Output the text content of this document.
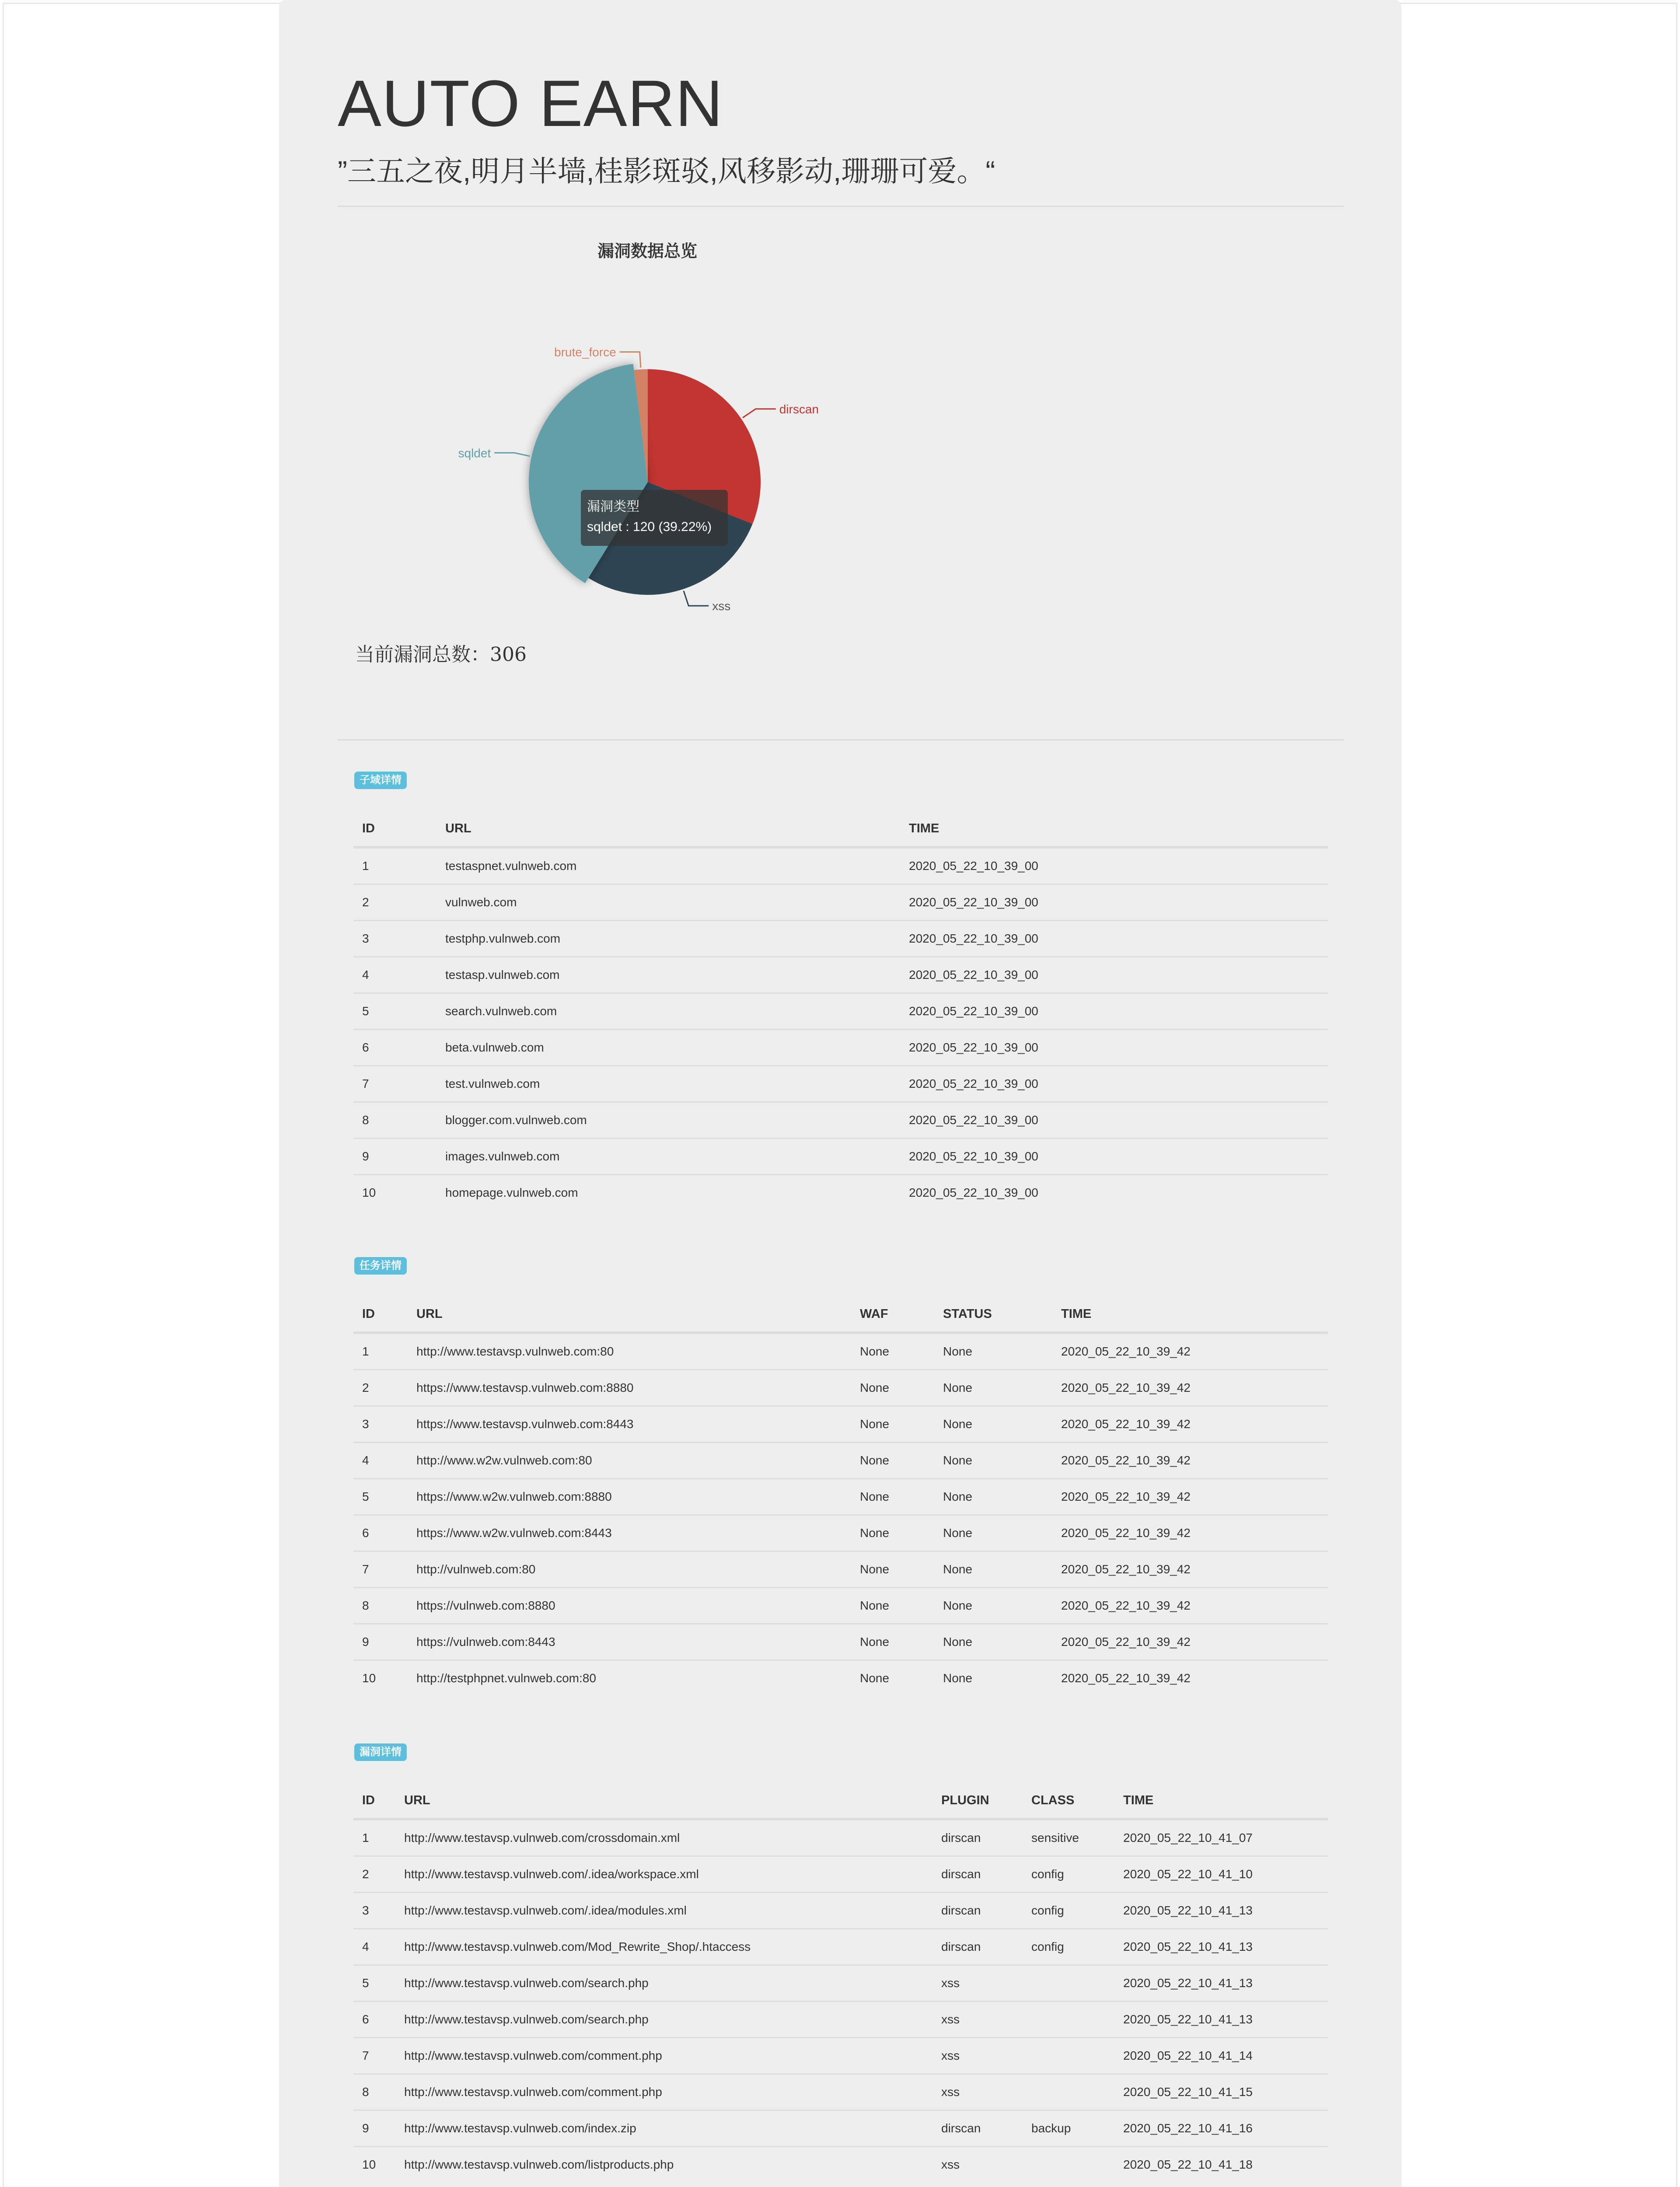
AUTO EARN
”三五之夜,明月半墙,桂影斑驳,风移影动,珊珊可爱。“
漏洞数据总览
dirscan
xss
sqldet
brute_force
漏洞类型
sqldet : 120 (39.22%)
当前漏洞总数：306
子域详情
ID	URL	TIME
1	testaspnet.vulnweb.com	2020_05_22_10_39_00
2	vulnweb.com	2020_05_22_10_39_00
3	testphp.vulnweb.com	2020_05_22_10_39_00
4	testasp.vulnweb.com	2020_05_22_10_39_00
5	search.vulnweb.com	2020_05_22_10_39_00
6	beta.vulnweb.com	2020_05_22_10_39_00
7	test.vulnweb.com	2020_05_22_10_39_00
8	blogger.com.vulnweb.com	2020_05_22_10_39_00
9	images.vulnweb.com	2020_05_22_10_39_00
10	homepage.vulnweb.com	2020_05_22_10_39_00
任务详情
ID	URL	WAF	STATUS	TIME
1	http://www.testavsp.vulnweb.com:80	None	None	2020_05_22_10_39_42
2	https://www.testavsp.vulnweb.com:8880	None	None	2020_05_22_10_39_42
3	https://www.testavsp.vulnweb.com:8443	None	None	2020_05_22_10_39_42
4	http://www.w2w.vulnweb.com:80	None	None	2020_05_22_10_39_42
5	https://www.w2w.vulnweb.com:8880	None	None	2020_05_22_10_39_42
6	https://www.w2w.vulnweb.com:8443	None	None	2020_05_22_10_39_42
7	http://vulnweb.com:80	None	None	2020_05_22_10_39_42
8	https://vulnweb.com:8880	None	None	2020_05_22_10_39_42
9	https://vulnweb.com:8443	None	None	2020_05_22_10_39_42
10	http://testphpnet.vulnweb.com:80	None	None	2020_05_22_10_39_42
漏洞详情
ID	URL	PLUGIN	CLASS	TIME
1	http://www.testavsp.vulnweb.com/crossdomain.xml	dirscan	sensitive	2020_05_22_10_41_07
2	http://www.testavsp.vulnweb.com/.idea/workspace.xml	dirscan	config	2020_05_22_10_41_10
3	http://www.testavsp.vulnweb.com/.idea/modules.xml	dirscan	config	2020_05_22_10_41_13
4	http://www.testavsp.vulnweb.com/Mod_Rewrite_Shop/.htaccess	dirscan	config	2020_05_22_10_41_13
5	http://www.testavsp.vulnweb.com/search.php	xss		2020_05_22_10_41_13
6	http://www.testavsp.vulnweb.com/search.php	xss		2020_05_22_10_41_13
7	http://www.testavsp.vulnweb.com/comment.php	xss		2020_05_22_10_41_14
8	http://www.testavsp.vulnweb.com/comment.php	xss		2020_05_22_10_41_15
9	http://www.testavsp.vulnweb.com/index.zip	dirscan	backup	2020_05_22_10_41_16
10	http://www.testavsp.vulnweb.com/listproducts.php	xss		2020_05_22_10_41_18
